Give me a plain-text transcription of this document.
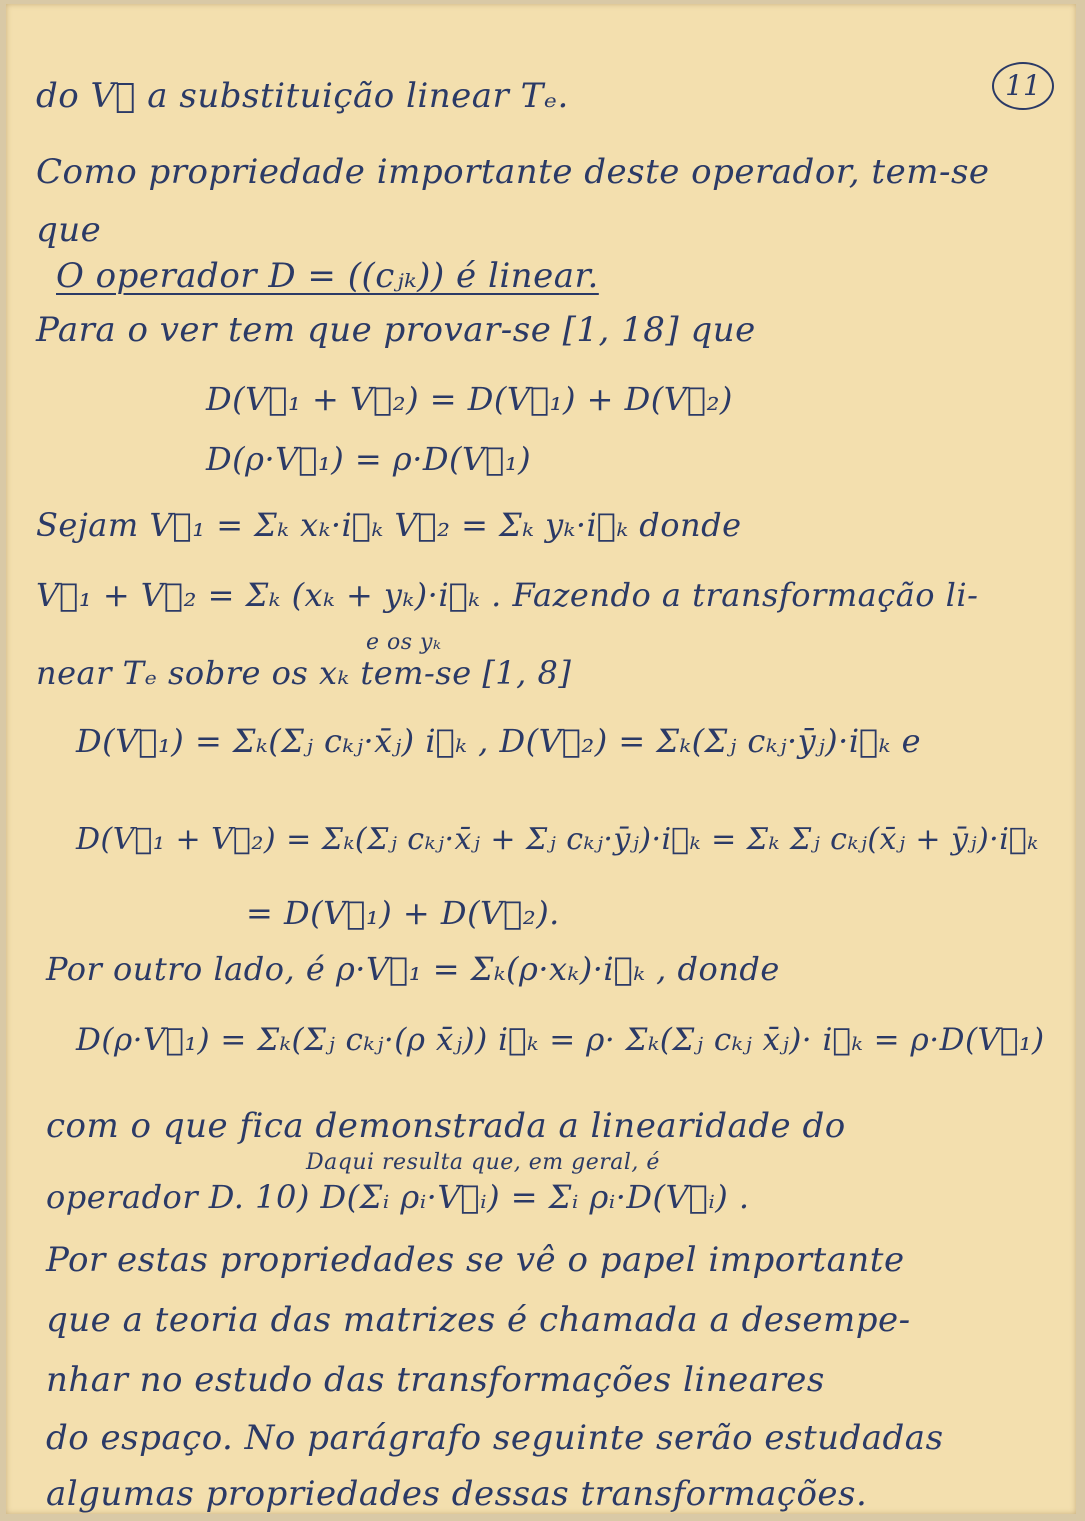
11
do V⃗ a substituição linear Tₑ.
Como propriedade importante deste operador, tem-se
que
O operador D = ((cⱼₖ)) é linear.
Para o ver tem que provar-se [1, 18] que
D(V⃗₁ + V⃗₂) = D(V⃗₁) + D(V⃗₂)
D(ρ·V⃗₁) = ρ·D(V⃗₁)
Sejam V⃗₁ = Σₖ xₖ·i⃗ₖ V⃗₂ = Σₖ yₖ·i⃗ₖ donde
V⃗₁ + V⃗₂ = Σₖ (xₖ + yₖ)·i⃗ₖ . Fazendo a transformação li-
e os yₖ
near Tₑ sobre os xₖ tem-se [1, 8]
D(V⃗₁) = Σₖ(Σⱼ cₖⱼ·x̄ⱼ) i⃗ₖ , D(V⃗₂) = Σₖ(Σⱼ cₖⱼ·ȳⱼ)·i⃗ₖ e
D(V⃗₁ + V⃗₂) = Σₖ(Σⱼ cₖⱼ·x̄ⱼ + Σⱼ cₖⱼ·ȳⱼ)·i⃗ₖ = Σₖ Σⱼ cₖⱼ(x̄ⱼ + ȳⱼ)·i⃗ₖ
= D(V⃗₁) + D(V⃗₂).
Por outro lado, é ρ·V⃗₁ = Σₖ(ρ·xₖ)·i⃗ₖ , donde
D(ρ·V⃗₁) = Σₖ(Σⱼ cₖⱼ·(ρ x̄ⱼ)) i⃗ₖ = ρ· Σₖ(Σⱼ cₖⱼ x̄ⱼ)· i⃗ₖ = ρ·D(V⃗₁)
com o que fica demonstrada a linearidade do
Daqui resulta que, em geral, é
operador D. 10) D(Σᵢ ρᵢ·V⃗ᵢ) = Σᵢ ρᵢ·D(V⃗ᵢ) .
Por estas propriedades se vê o papel importante
que a teoria das matrizes é chamada a desempe-
nhar no estudo das transformações lineares
do espaço. No parágrafo seguinte serão estudadas
algumas propriedades dessas transformações.
